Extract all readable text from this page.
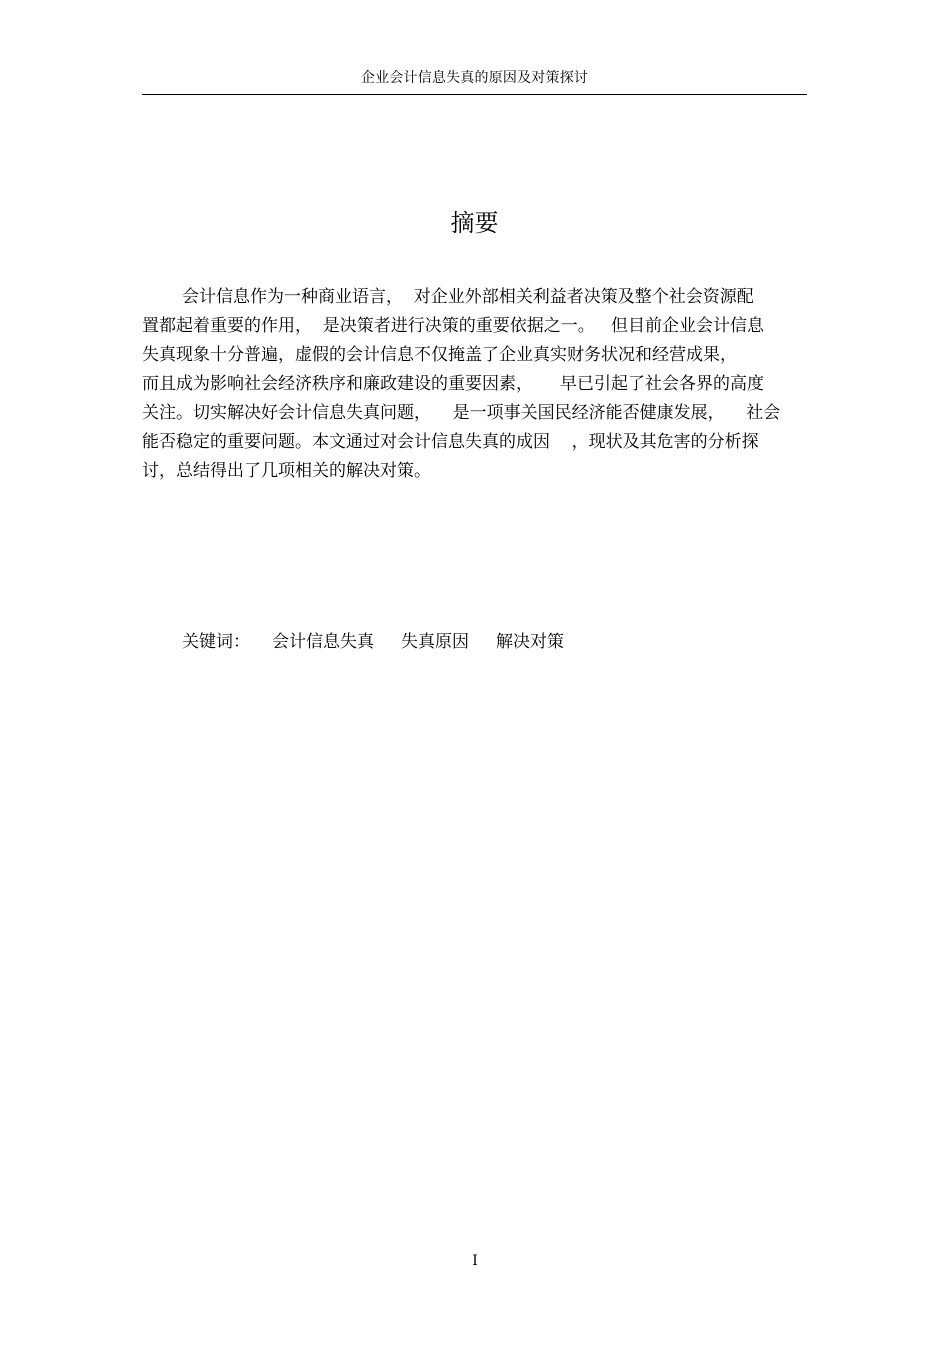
企业会计信息失真的原因及对策探讨
摘要
会计信息作为一种商业语言，  对企业外部相关利益者决策及整个社会资源配
置都起着重要的作用，  是决策者进行决策的重要依据之一。   但目前企业会计信息
失真现象十分普遍，虚假的会计信息不仅掩盖了企业真实财务状况和经营成果，
而且成为影响社会经济秩序和廉政建设的重要因素，     早已引起了社会各界的高度
关注。切实解决好会计信息失真问题，    是一项事关国民经济能否健康发展，    社会
能否稳定的重要问题。本文通过对会计信息失真的成因    ，现状及其危害的分析探
讨，总结得出了几项相关的解决对策。
关键词： 会计信息失真 失真原因 解决对策
I
